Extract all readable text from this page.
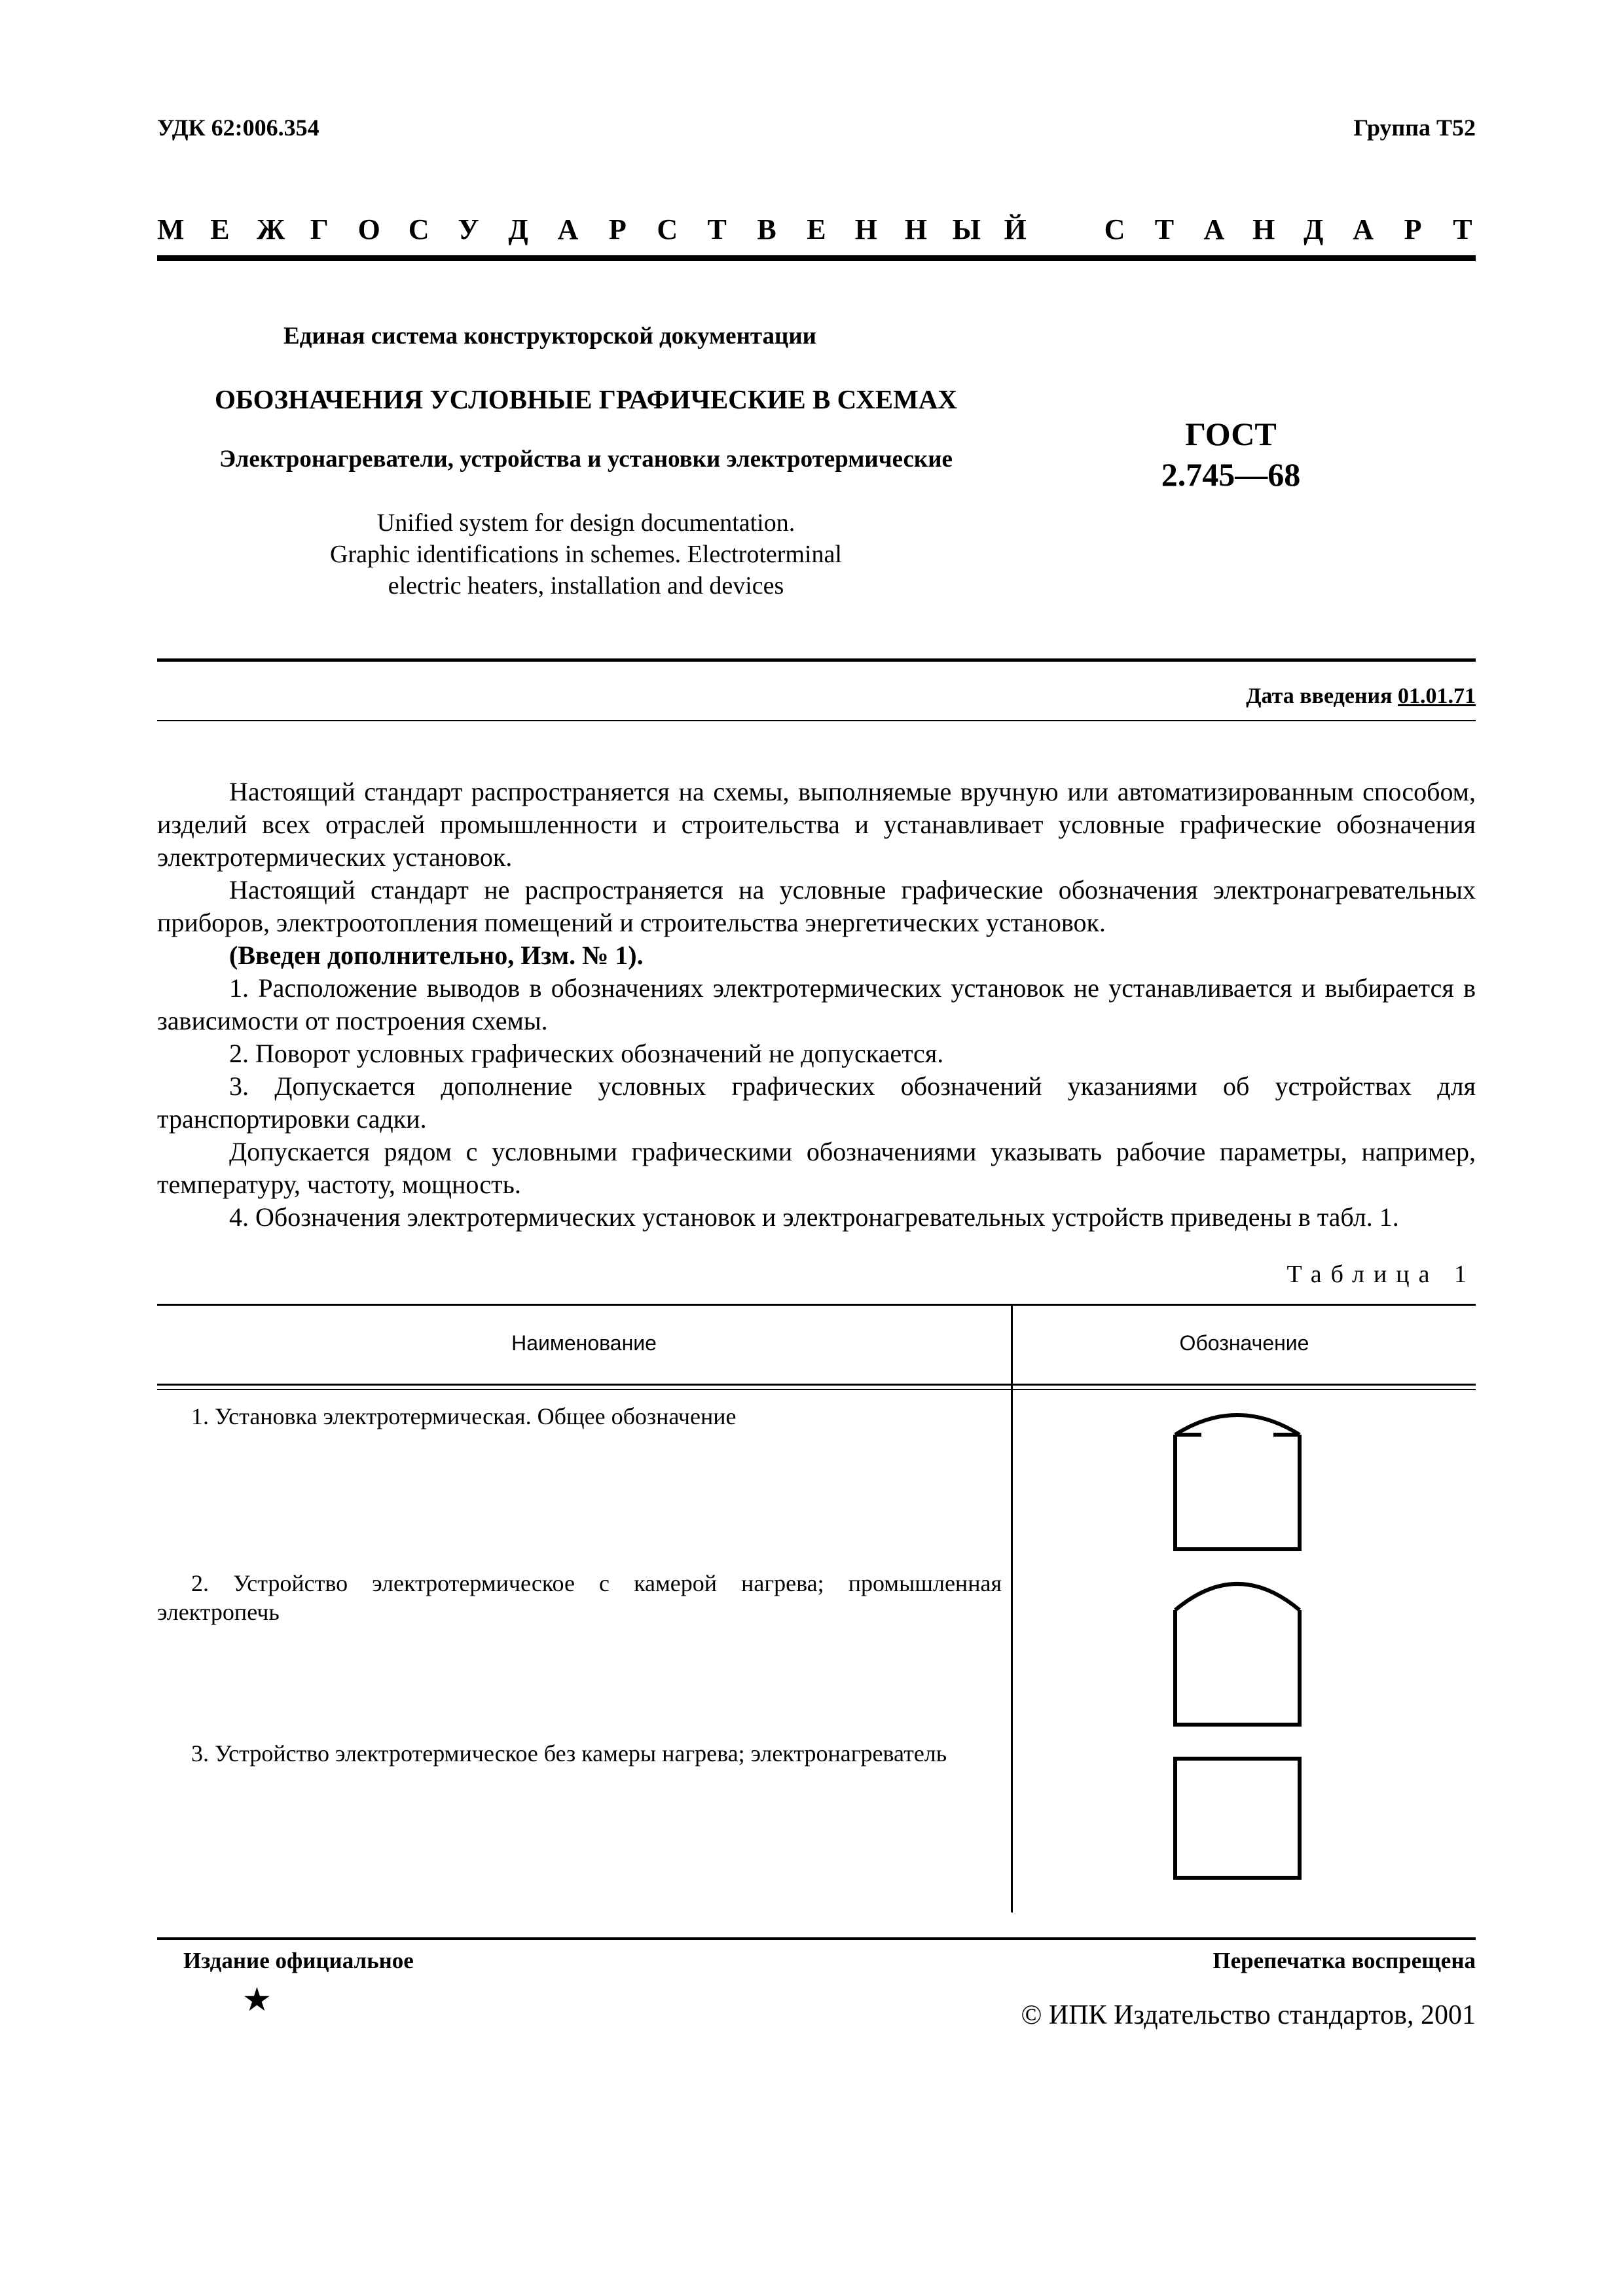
УДК 62:006.354	Группа Т52
М Е Ж Г О С У Д А Р С Т В Е Н Н Ы Й	С Т А Н Д А Р Т
Единая система конструкторской документации
ОБОЗНАЧЕНИЯ УСЛОВНЫЕ ГРАФИЧЕСКИЕ В СХЕМАХ
Электронагреватели, устройства и установки электротермические
Unified system for design documentation.
Graphic identifications in schemes. Electroterminal
electric heaters, installation and devices
ГОСТ
2.745—68
Дата введения 01.01.71

Настоящий стандарт распространяется на схемы, выполняемые вручную или автоматизированным способом, изделий всех отраслей промышленности и строительства и устанавливает условные графические обозначения электротермических установок.

Настоящий стандарт не распространяется на условные графические обозначения электронагревательных приборов, электроотопления помещений и строительства энергетических установок.

(Введен дополнительно, Изм. № 1).

1. Расположение выводов в обозначениях электротермических установок не устанавливается и выбирается в зависимости от построения схемы.

2. Поворот условных графических обозначений не допускается.

3. Допускается дополнение условных графических обозначений указаниями об устройствах для транспортировки садки.

Допускается рядом с условными графическими обозначениями указывать рабочие параметры, например, температуру, частоту, мощность.

4. Обозначения электротермических установок и электронагревательных устройств приведены в табл. 1.

Таблица 1
Наименование	Обозначение
1. Установка электротермическая. Общее обозначение
2. Устройство электротермическое с камерой нагрева; промышленная электропечь
3. Устройство электротермическое без камеры нагрева; электронагреватель
Издание официальное
★
Перепечатка воспрещена
© ИПК Издательство стандартов, 2001
